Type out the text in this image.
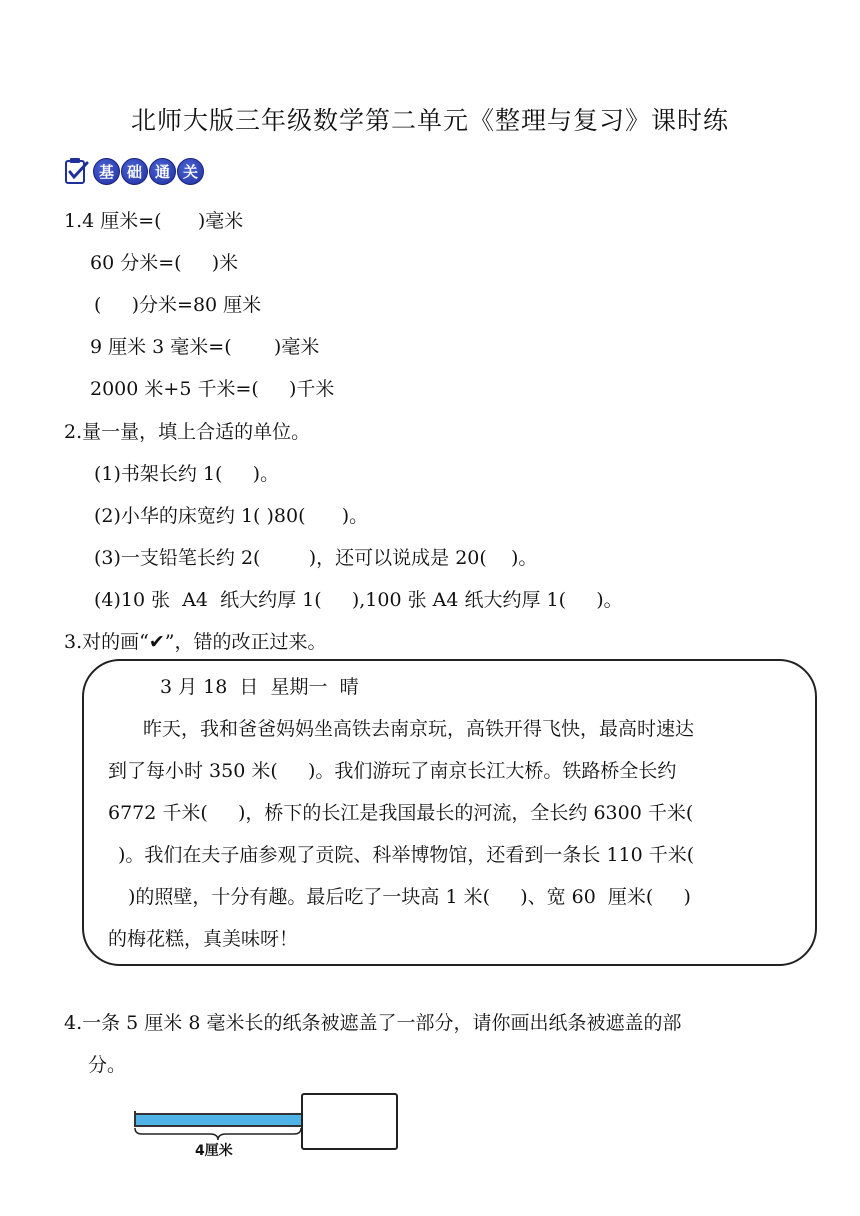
北师大版三年级数学第二单元《整理与复习》课时练
基 础 通 关
1.4 厘米=(      )毫米
60 分米=(     )米
(     )分米=80 厘米
9 厘米 3 毫米=(       )毫米
2000 米+5 千米=(     )千米
2.量一量，填上合适的单位。
(1)书架长约 1(     )。
(2)小华的床宽约 1( )80(      )。
(3)一支铅笔长约 2(        )，还可以说成是 20(    )。
(4)10 张  A4  纸大约厚 1(     ),100 张 A4 纸大约厚 1(     )。
3.对的画“✔”，错的改正过来。
3 月 18  日  星期一  晴
昨天，我和爸爸妈妈坐高铁去南京玩，高铁开得飞快，最高时速达
到了每小时 350 米(     )。我们游玩了南京长江大桥。铁路桥全长约
6772 千米(     )，桥下的长江是我国最长的河流，全长约 6300 千米(
)。我们在夫子庙参观了贡院、科举博物馆，还看到一条长 110 千米(
)的照壁，十分有趣。最后吃了一块高 1 米(     )、宽 60  厘米(     )
的梅花糕，真美味呀！
4.一条 5 厘米 8 毫米长的纸条被遮盖了一部分，请你画出纸条被遮盖的部
分。
4厘米
